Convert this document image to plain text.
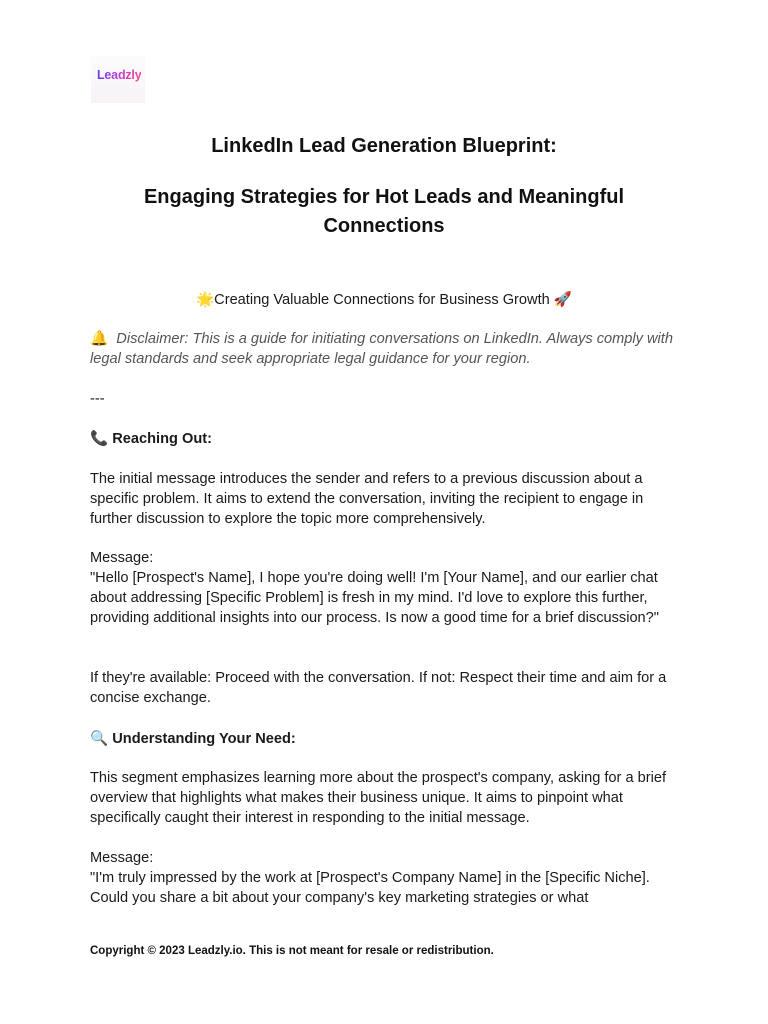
Leadzly
LinkedIn Lead Generation Blueprint:
Engaging Strategies for Hot Leads and Meaningful Connections
🌟Creating Valuable Connections for Business Growth 🚀

🔔 Disclaimer: This is a guide for initiating conversations on LinkedIn. Always comply with legal standards and seek appropriate legal guidance for your region.

---

📞 Reaching Out:

The initial message introduces the sender and refers to a previous discussion about a specific problem. It aims to extend the conversation, inviting the recipient to engage in further discussion to explore the topic more comprehensively.

Message:

"Hello [Prospect's Name], I hope you're doing well! I'm [Your Name], and our earlier chat about addressing [Specific Problem] is fresh in my mind. I'd love to explore this further, providing additional insights into our process. Is now a good time for a brief discussion?"

If they're available: Proceed with the conversation. If not: Respect their time and aim for a concise exchange.

🔍 Understanding Your Need:

This segment emphasizes learning more about the prospect's company, asking for a brief overview that highlights what makes their business unique. It aims to pinpoint what specifically caught their interest in responding to the initial message.

Message:

"I'm truly impressed by the work at [Prospect's Company Name] in the [Specific Niche]. Could you share a bit about your company's key marketing strategies or what

Copyright © 2023 Leadzly.io. This is not meant for resale or redistribution.
